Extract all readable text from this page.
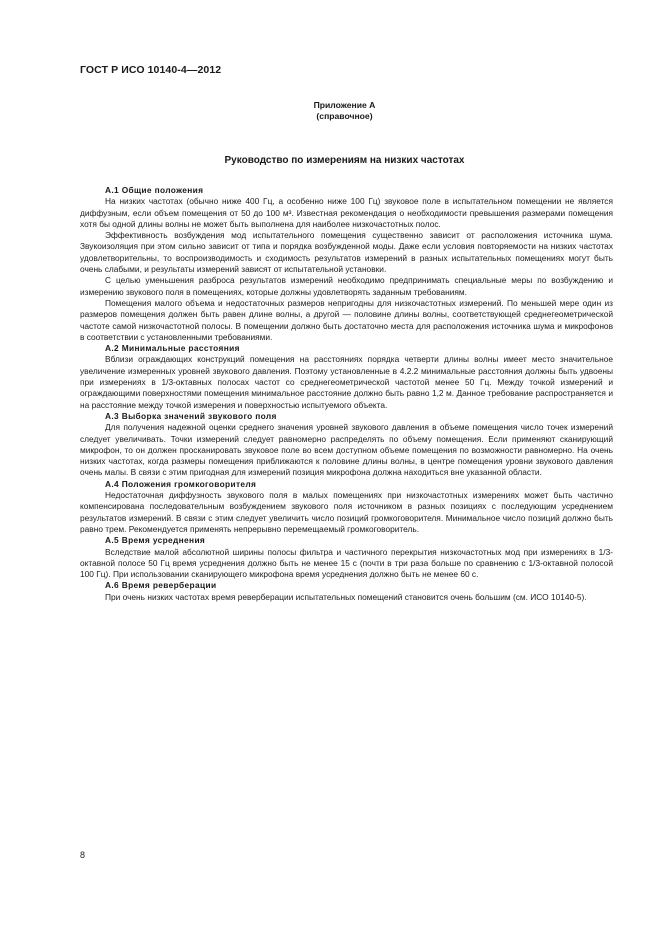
ГОСТ Р ИСО 10140-4—2012
Приложение А
(справочное)
Руководство по измерениям на низких частотах

А.1 Общие положения

На низких частотах (обычно ниже 400 Гц, а особенно ниже 100 Гц) звуковое поле в испытательном помещении не является диффузным, если объем помещения от 50 до 100 м³. Известная рекомендация о необходимости превышения размерами помещения хотя бы одной длины волны не может быть выполнена для наиболее низкочастотных полос.

Эффективность возбуждения мод испытательного помещения существенно зависит от расположения источника шума. Звукоизоляция при этом сильно зависит от типа и порядка возбужденной моды. Даже если условия повторяемости на низких частотах удовлетворительны, то воспроизводимость и сходимость результатов измерений в разных испытательных помещениях могут быть очень слабыми, и результаты измерений зависят от испытательной установки.

С целью уменьшения разброса результатов измерений необходимо предпринимать специальные меры по возбуждению и измерению звукового поля в помещениях, которые должны удовлетворять заданным требованиям.

Помещения малого объема и недостаточных размеров непригодны для низкочастотных измерений. По меньшей мере один из размеров помещения должен быть равен длине волны, а другой — половине длины волны, соответствующей среднегеометрической частоте самой низкочастотной полосы. В помещении должно быть достаточно места для расположения источника шума и микрофонов в соответствии с установленными требованиями.

А.2 Минимальные расстояния

Вблизи ограждающих конструкций помещения на расстояниях порядка четверти длины волны имеет место значительное увеличение измеренных уровней звукового давления. Поэтому установленные в 4.2.2 минимальные расстояния должны быть удвоены при измерениях в 1/3-октавных полосах частот со среднегеометрической частотой менее 50 Гц. Между точкой измерений и ограждающими поверхностями помещения минимальное расстояние должно быть равно 1,2 м. Данное требование распространяется и на расстояние между точкой измерения и поверхностью испытуемого объекта.

А.3 Выборка значений звукового поля

Для получения надежной оценки среднего значения уровней звукового давления в объеме помещения число точек измерений следует увеличивать. Точки измерений следует равномерно распределять по объему помещения. Если применяют сканирующий микрофон, то он должен просканировать звуковое поле во всем доступном объеме помещения по возможности равномерно. На очень низких частотах, когда размеры помещения приближаются к половине длины волны, в центре помещения уровни звукового давления очень малы. В связи с этим пригодная для измерений позиция микрофона должна находиться вне указанной области.

А.4 Положения громкоговорителя

Недостаточная диффузность звукового поля в малых помещениях при низкочастотных измерениях может быть частично компенсирована последовательным возбуждением звукового поля источником в разных позициях с последующим усреднением результатов измерений. В связи с этим следует увеличить число позиций громкоговорителя. Минимальное число позиций должно быть равно трем. Рекомендуется применять непрерывно перемещаемый громкоговоритель.

А.5 Время усреднения

Вследствие малой абсолютной ширины полосы фильтра и частичного перекрытия низкочастотных мод при измерениях в 1/3-октавной полосе 50 Гц время усреднения должно быть не менее 15 с (почти в три раза больше по сравнению с 1/3-октавной полосой 100 Гц). При использовании сканирующего микрофона время усреднения должно быть не менее 60 с.

А.6 Время реверберации

При очень низких частотах время реверберации испытательных помещений становится очень большим (см. ИСО 10140-5).

8
